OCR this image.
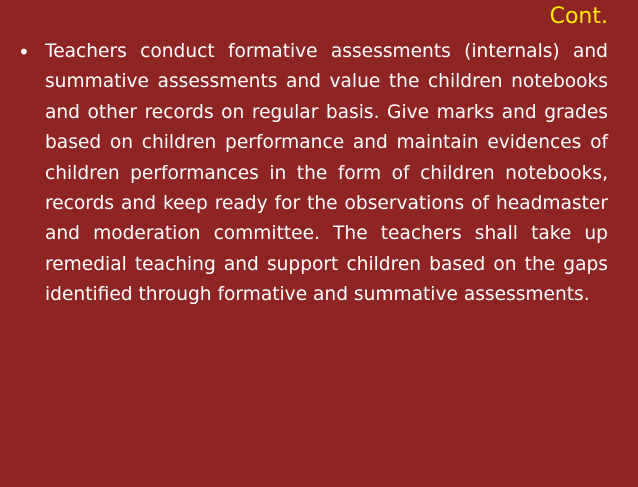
Cont.
• Teachers conduct formative assessments (internals) and summative assessments and value the children notebooks and other records on regular basis. Give marks and grades based on children performance and maintain evidences of children performances in the form of children notebooks, records and keep ready for the observations of headmaster and moderation committee. The teachers shall take up remedial teaching and support children based on the gaps identified through formative and summative assessments.
